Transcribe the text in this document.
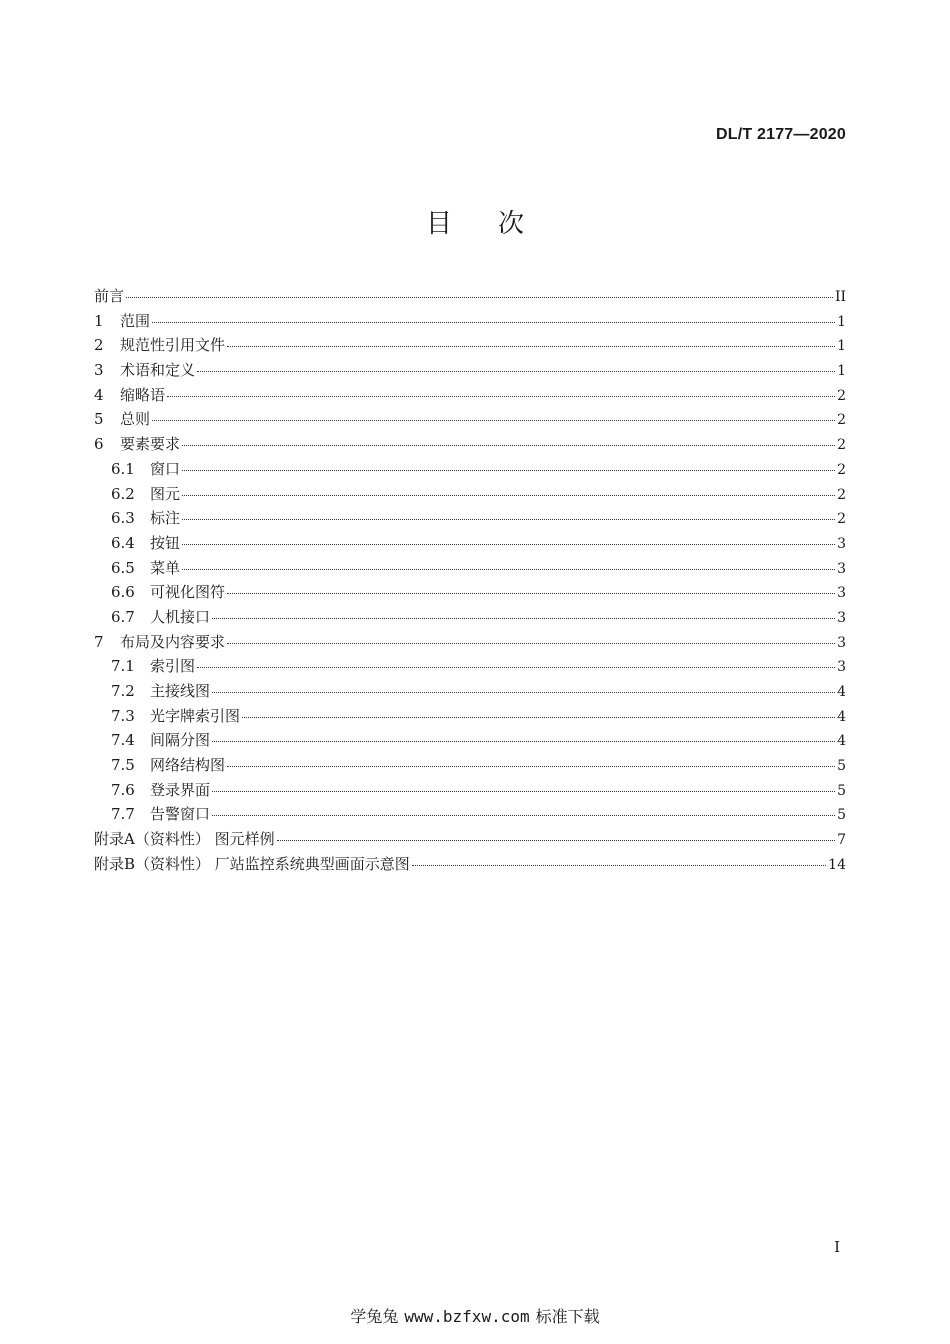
DL/T 2177—2020
目 次
前言	II
1	范围	1
2	规范性引用文件	1
3	术语和定义	1
4	缩略语	2
5	总则	2
6	要素要求	2
6.1	窗口	2
6.2	图元	2
6.3	标注	2
6.4	按钮	3
6.5	菜单	3
6.6	可视化图符	3
6.7	人机接口	3
7	布局及内容要求	3
7.1	索引图	3
7.2	主接线图	4
7.3	光字牌索引图	4
7.4	间隔分图	4
7.5	网络结构图	5
7.6	登录界面	5
7.7	告警窗口	5
附录A（资料性） 图元样例	7
附录B（资料性） 厂站监控系统典型画面示意图	14
I
学兔兔 www.bzfxw.com 标准下载
